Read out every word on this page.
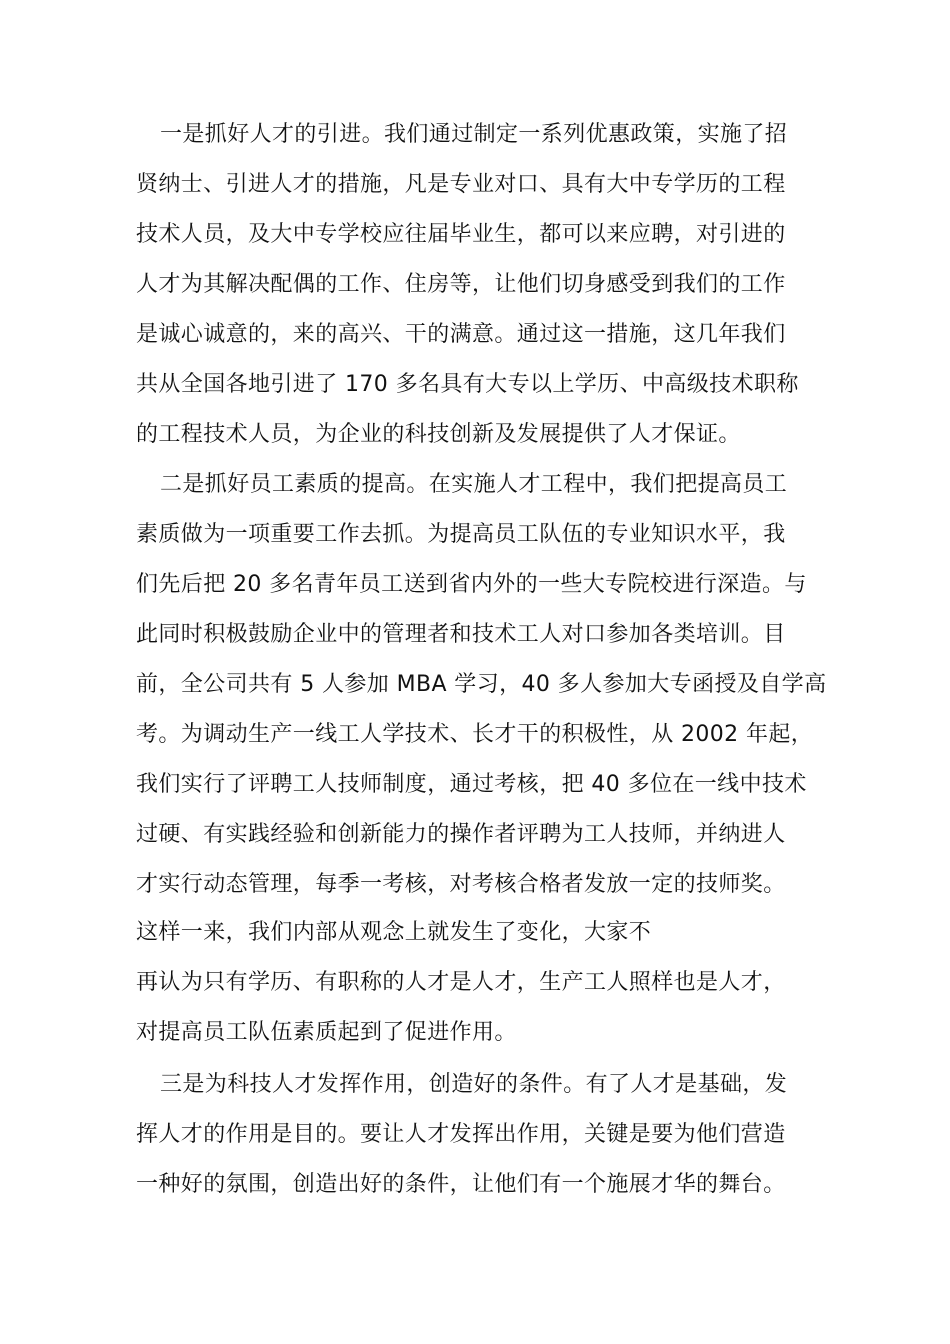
一是抓好人才的引进。我们通过制定一系列优惠政策，实施了招
贤纳士、引进人才的措施，凡是专业对口、具有大中专学历的工程
技术人员，及大中专学校应往届毕业生，都可以来应聘，对引进的
人才为其解决配偶的工作、住房等，让他们切身感受到我们的工作
是诚心诚意的，来的高兴、干的满意。通过这一措施，这几年我们
共从全国各地引进了 170 多名具有大专以上学历、中高级技术职称
的工程技术人员，为企业的科技创新及发展提供了人才保证。
二是抓好员工素质的提高。在实施人才工程中，我们把提高员工
素质做为一项重要工作去抓。为提高员工队伍的专业知识水平，我
们先后把 20 多名青年员工送到省内外的一些大专院校进行深造。与
此同时积极鼓励企业中的管理者和技术工人对口参加各类培训。目
前，全公司共有 5 人参加 MBA 学习，40 多人参加大专函授及自学高
考。为调动生产一线工人学技术、长才干的积极性，从 2002 年起，
我们实行了评聘工人技师制度，通过考核，把 40 多位在一线中技术
过硬、有实践经验和创新能力的操作者评聘为工人技师，并纳进人
才实行动态管理，每季一考核，对考核合格者发放一定的技师奖。
这样一来，我们内部从观念上就发生了变化，大家不
再认为只有学历、有职称的人才是人才，生产工人照样也是人才，
对提高员工队伍素质起到了促进作用。
三是为科技人才发挥作用，创造好的条件。有了人才是基础，发
挥人才的作用是目的。要让人才发挥出作用，关键是要为他们营造
一种好的氛围，创造出好的条件，让他们有一个施展才华的舞台。
